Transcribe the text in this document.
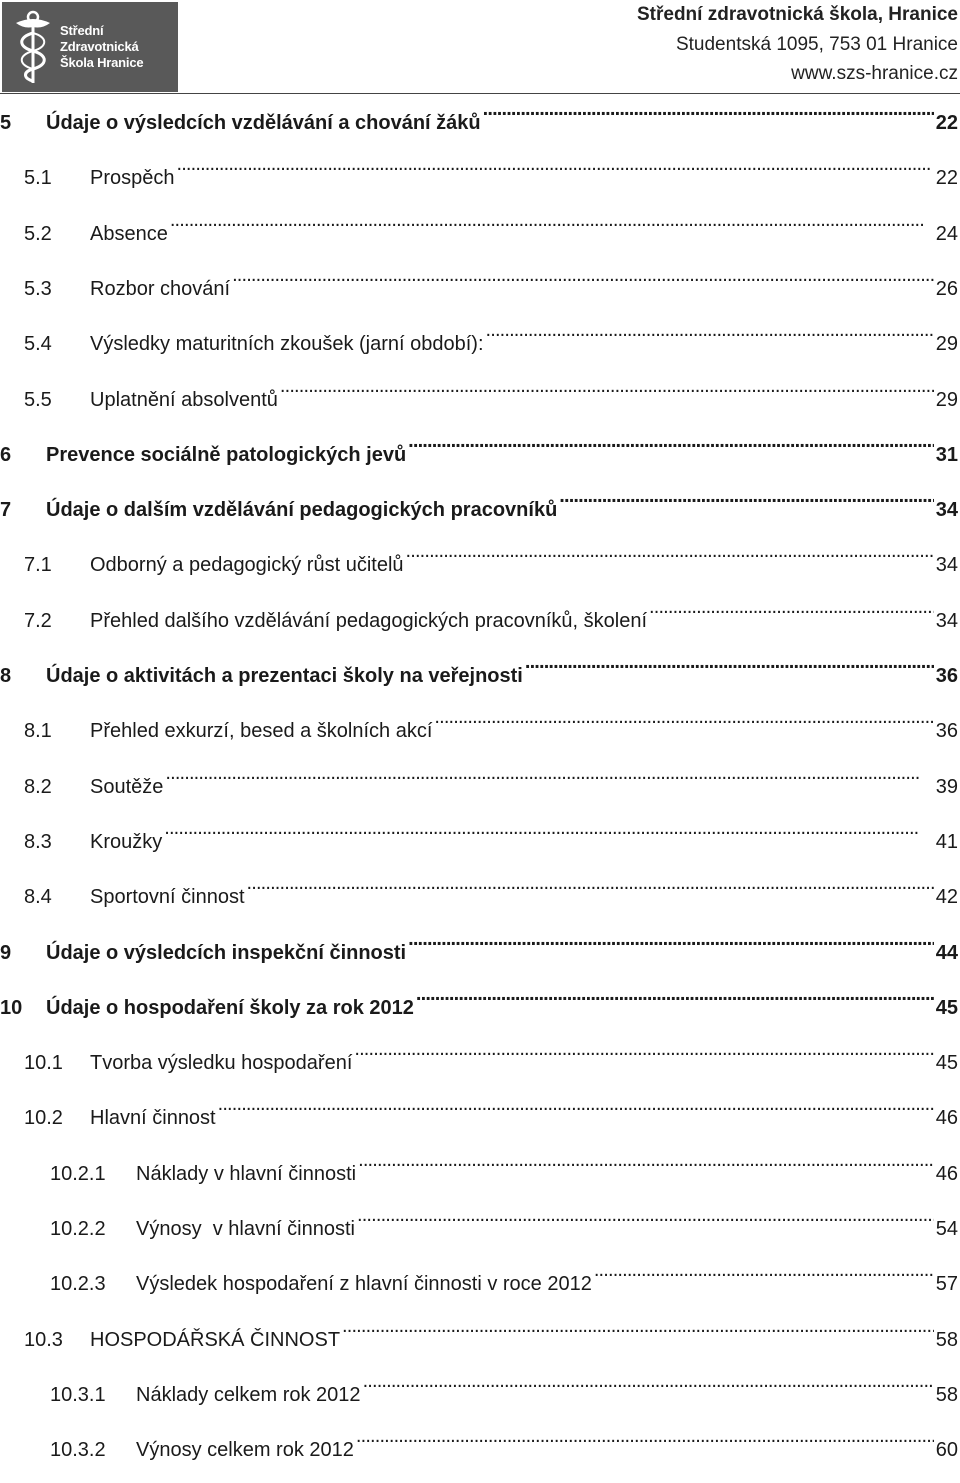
Střední
Zdravotnická
Škola Hranice
Střední zdravotnická škola, Hranice
Studentská 1095, 753 01 Hranice
www.szs-hranice.cz
5	Údaje o výsledcích vzdělávání a chování žáků . . .	22
5.1	Prospěch . . .	22
5.2	Absence . . .	24
5.3	Rozbor chování . . .	26
5.4	Výsledky maturitních zkoušek (jarní období): . . .	29
5.5	Uplatnění absolventů . . .	29
6	Prevence sociálně patologických jevů . . .	31
7	Údaje o dalším vzdělávání pedagogických pracovníků . . .	34
7.1	Odborný a pedagogický růst učitelů . . .	34
7.2	Přehled dalšího vzdělávání pedagogických pracovníků, školení . . .	34
8	Údaje o aktivitách a prezentaci školy na veřejnosti . . .	36
8.1	Přehled exkurzí, besed a školních akcí . . .	36
8.2	Soutěže . . .	39
8.3	Kroužky . . .	41
8.4	Sportovní činnost . . .	42
9	Údaje o výsledcích inspekční činnosti . . .	44
10	Údaje o hospodaření školy za rok 2012 . . .	45
10.1	Tvorba výsledku hospodaření . . .	45
10.2	Hlavní činnost . . .	46
10.2.1	Náklady v hlavní činnosti . . .	46
10.2.2	Výnosy  v hlavní činnosti . . .	54
10.2.3	Výsledek hospodaření z hlavní činnosti v roce 2012 . . .	57
10.3	HOSPODÁŘSKÁ ČINNOST . . .	58
10.3.1	Náklady celkem rok 2012 . . .	58
10.3.2	Výnosy celkem rok 2012 . . .	60
